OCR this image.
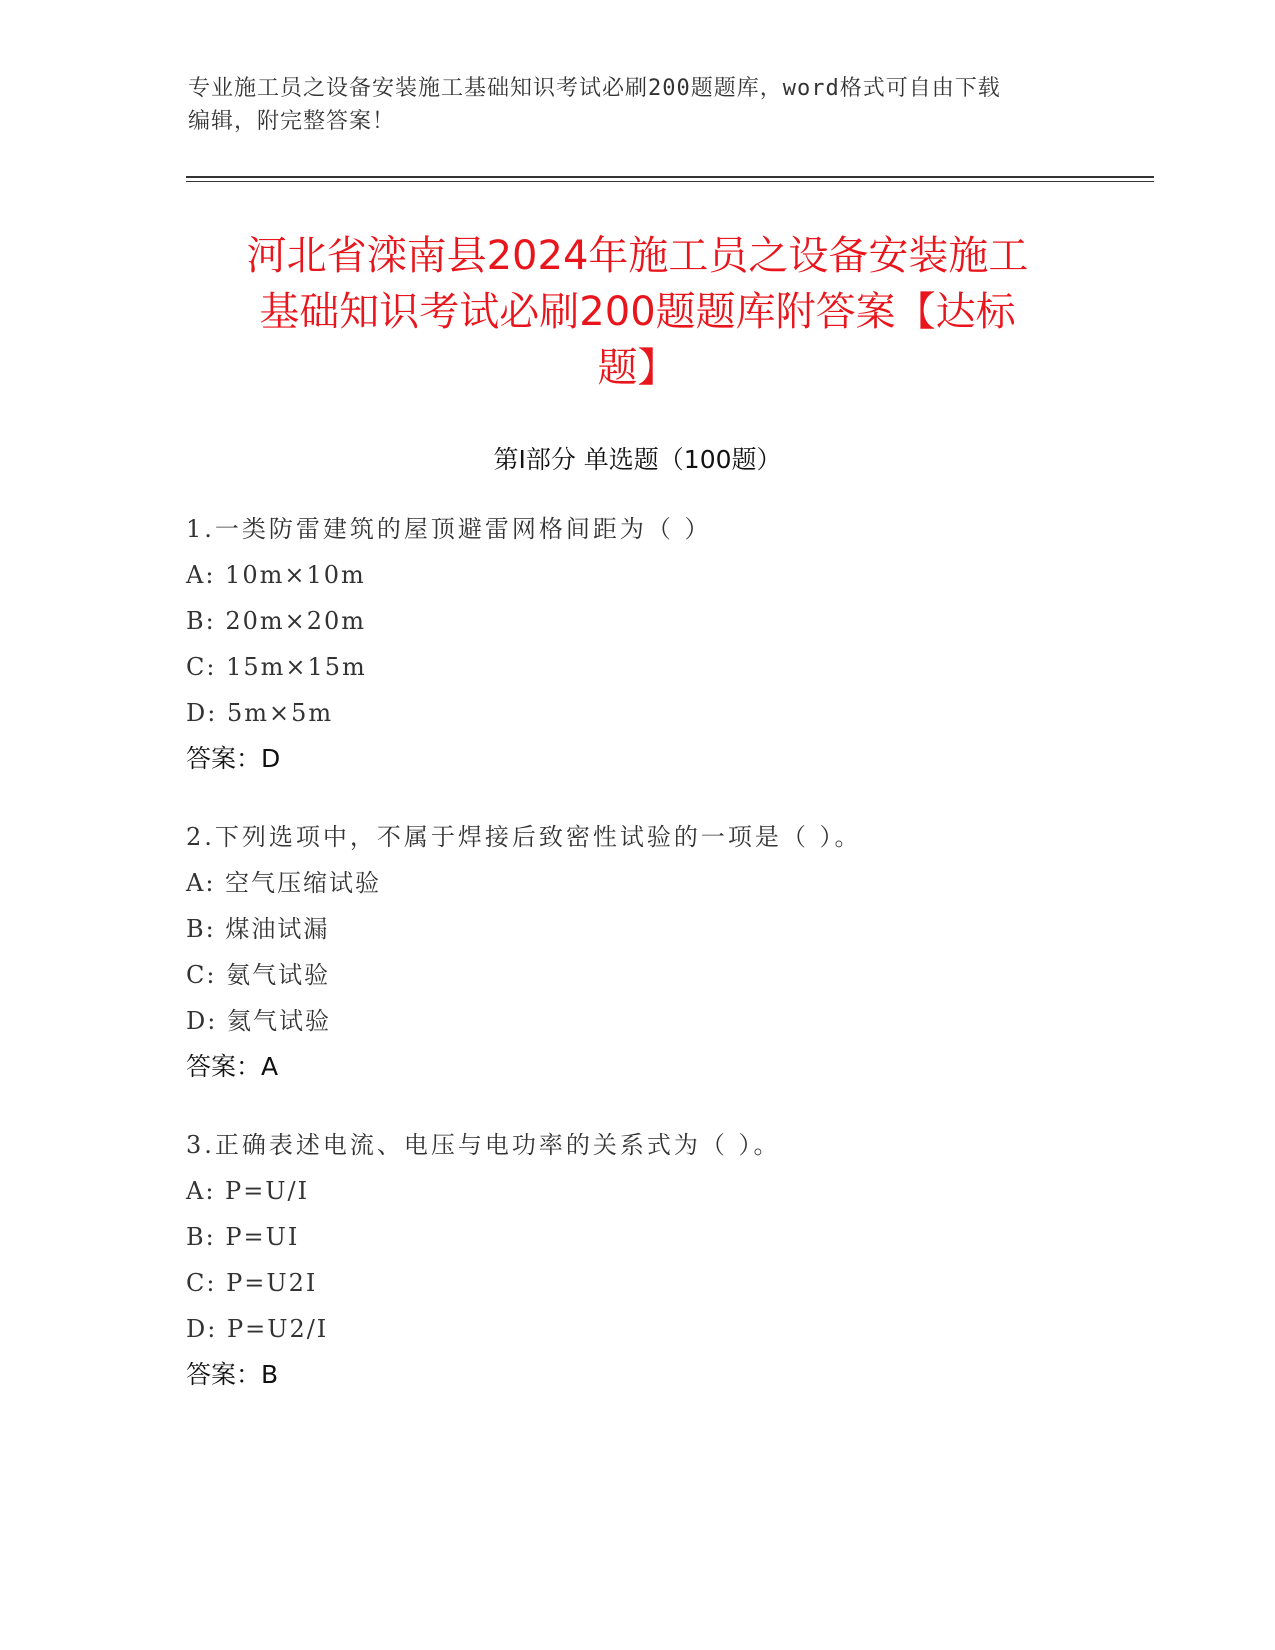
专业施工员之设备安装施工基础知识考试必刷200题题库，word格式可自由下载
编辑，附完整答案！
河北省滦南县2024年施工员之设备安装施工
基础知识考试必刷200题题库附答案【达标
题】
第Ⅰ部分 单选题（100题）
1.一类防雷建筑的屋顶避雷网格间距为（ ）
A: 10m×10m
B: 20m×20m
C: 15m×15m
D: 5m×5m
答案：D
2.下列选项中，不属于焊接后致密性试验的一项是（ ）。
A: 空气压缩试验
B: 煤油试漏
C: 氨气试验
D: 氦气试验
答案：A
3.正确表述电流、电压与电功率的关系式为（ ）。
A: P=U/I
B: P=UI
C: P=U2I
D: P=U2/I
答案：B
